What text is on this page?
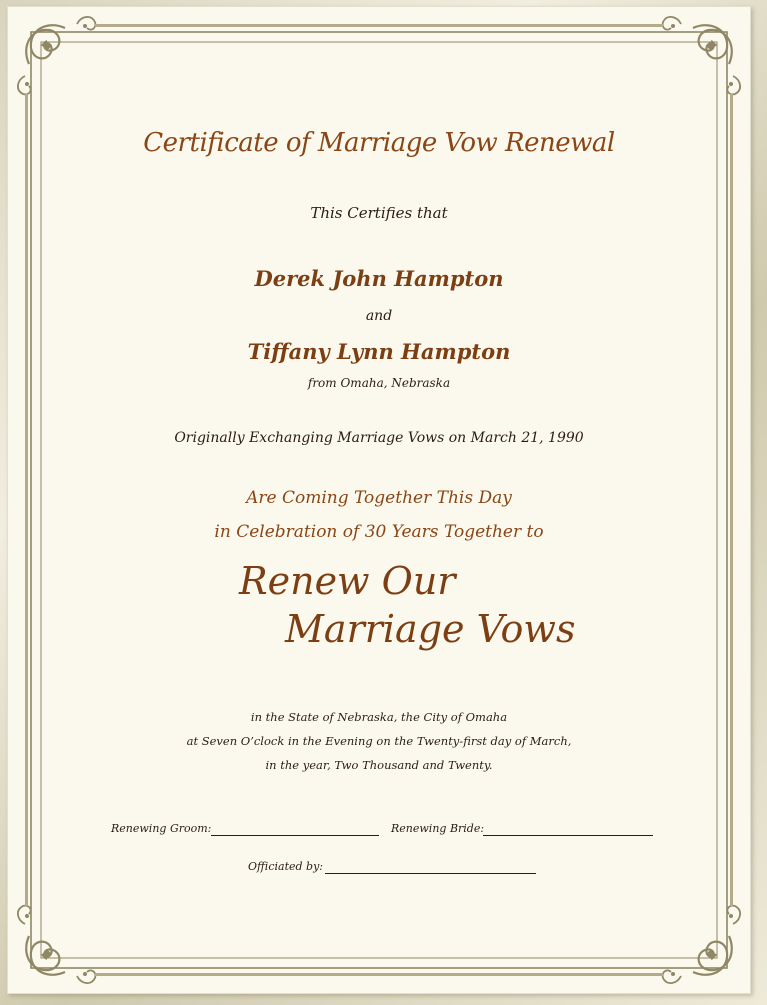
Certificate of Marriage Vow Renewal
This Certifies that
Derek John Hampton
and
Tiffany Lynn Hampton
from Omaha, Nebraska
Originally Exchanging Marriage Vows on March 21, 1990
Are Coming Together This Day
in Celebration of 30 Years Together to
Renew Our
Marriage Vows
in the State of Nebraska, the City of Omaha
at Seven O’clock in the Evening on the Twenty-first day of March,
in the year, Two Thousand and Twenty.
Renewing Groom:	Renewing Bride:
Officiated by:
